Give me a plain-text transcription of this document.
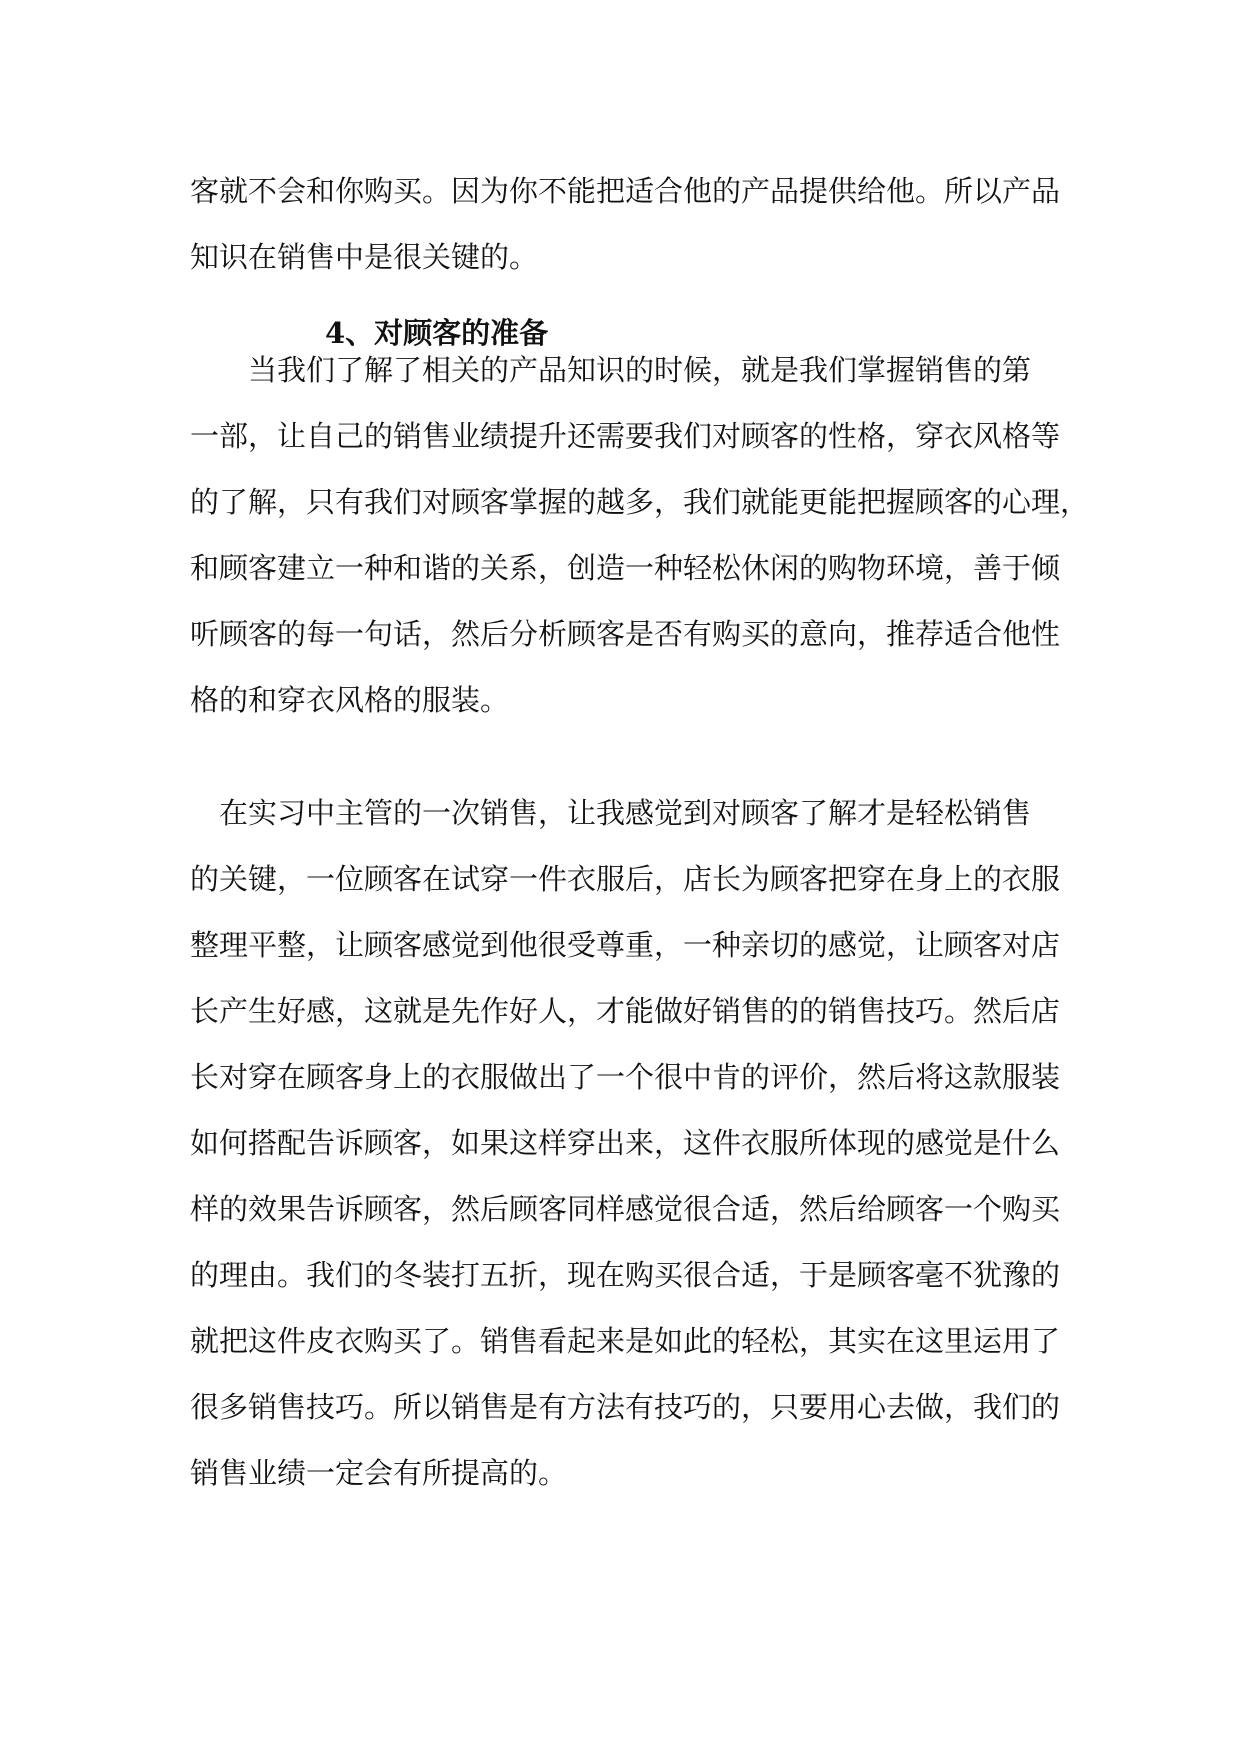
客就不会和你购买。因为你不能把适合他的产品提供给他。所以产品
知识在销售中是很关键的。
4、对顾客的准备
　　当我们了解了相关的产品知识的时候，就是我们掌握销售的第
一部，让自己的销售业绩提升还需要我们对顾客的性格，穿衣风格等
的了解，只有我们对顾客掌握的越多，我们就能更能把握顾客的心理，
和顾客建立一种和谐的关系，创造一种轻松休闲的购物环境，善于倾
听顾客的每一句话，然后分析顾客是否有购买的意向，推荐适合他性
格的和穿衣风格的服装。
　在实习中主管的一次销售，让我感觉到对顾客了解才是轻松销售
的关键，一位顾客在试穿一件衣服后，店长为顾客把穿在身上的衣服
整理平整，让顾客感觉到他很受尊重，一种亲切的感觉，让顾客对店
长产生好感，这就是先作好人，才能做好销售的的销售技巧。然后店
长对穿在顾客身上的衣服做出了一个很中肯的评价，然后将这款服装
如何搭配告诉顾客，如果这样穿出来，这件衣服所体现的感觉是什么
样的效果告诉顾客，然后顾客同样感觉很合适，然后给顾客一个购买
的理由。我们的冬装打五折，现在购买很合适，于是顾客毫不犹豫的
就把这件皮衣购买了。销售看起来是如此的轻松，其实在这里运用了
很多销售技巧。所以销售是有方法有技巧的，只要用心去做，我们的
销售业绩一定会有所提高的。
